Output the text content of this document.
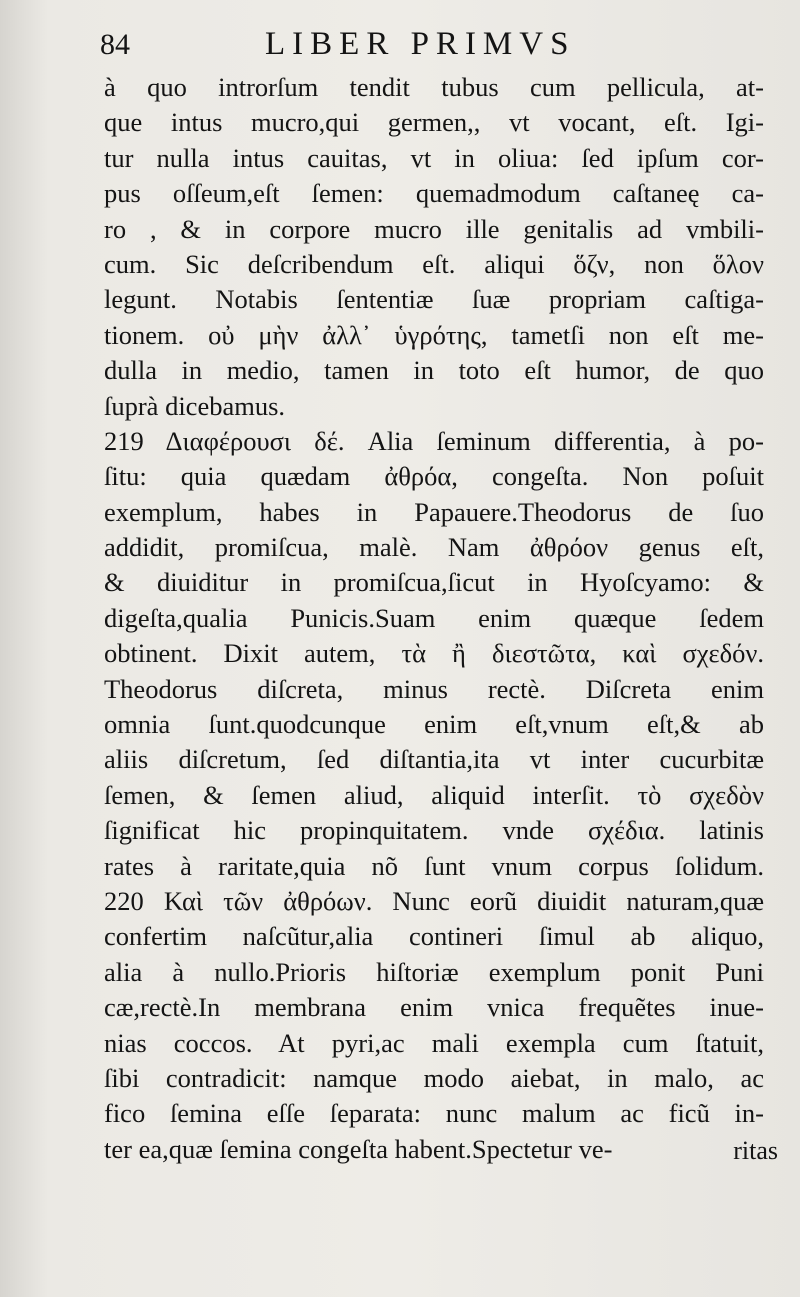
84	LIBER PRIMVS
à quo introrſum tendit tubus cum pellicula, at-
que intus mucro,qui germen,, vt vocant, eſt. Igi-
tur nulla intus cauitas, vt in oliua: ſed ipſum cor-
pus oſſeum,eſt ſemen: quemadmodum caſtaneę ca-
ro , & in corpore mucro ille genitalis ad vmbili-
cum. Sic deſcribendum eſt. aliqui ὅζν, non ὅλον
legunt. Notabis ſententiæ ſuæ propriam caſtiga-
tionem. οὐ μὴν ἀλλ᾽ ὑγρότης, tametſi non eſt me-
dulla in medio, tamen in toto eſt humor, de quo
ſuprà dicebamus.
219 Διαφέρουσι δέ. Alia ſeminum differentia, à po-
ſitu: quia quædam ἀθρόα, congeſta. Non poſuit
exemplum, habes in Papauere.Theodorus de ſuo
addidit, promiſcua, malè. Nam ἀθρόον genus eſt,
& diuiditur in promiſcua,ſicut in Hyoſcyamo: &
digeſta,qualia Punicis.Suam enim quæque ſedem
obtinent. Dixit autem, τὰ ἢ διεστῶτα, καὶ σχεδόν.
Theodorus diſcreta, minus rectè. Diſcreta enim
omnia ſunt.quodcunque enim eſt,vnum eſt,& ab
aliis diſcretum, ſed diſtantia,ita vt inter cucurbitæ
ſemen, & ſemen aliud, aliquid interſit. τὸ σχεδὸν
ſignificat hic propinquitatem. vnde σχέδια. latinis
rates à raritate,quia nõ ſunt vnum corpus ſolidum.
220 Καὶ τῶν ἀθρόων. Nunc eorũ diuidit naturam,quæ
confertim naſcũtur,alia contineri ſimul ab aliquo,
alia à nullo.Prioris hiſtoriæ exemplum ponit Puni
cæ,rectè.In membrana enim vnica frequẽtes inue-
nias coccos. At pyri,ac mali exempla cum ſtatuit,
ſibi contradicit: namque modo aiebat, in malo, ac
fico ſemina eſſe ſeparata: nunc malum ac ficũ in-
ter ea,quæ ſemina congeſta habent.Spectetur ve-	ritas
